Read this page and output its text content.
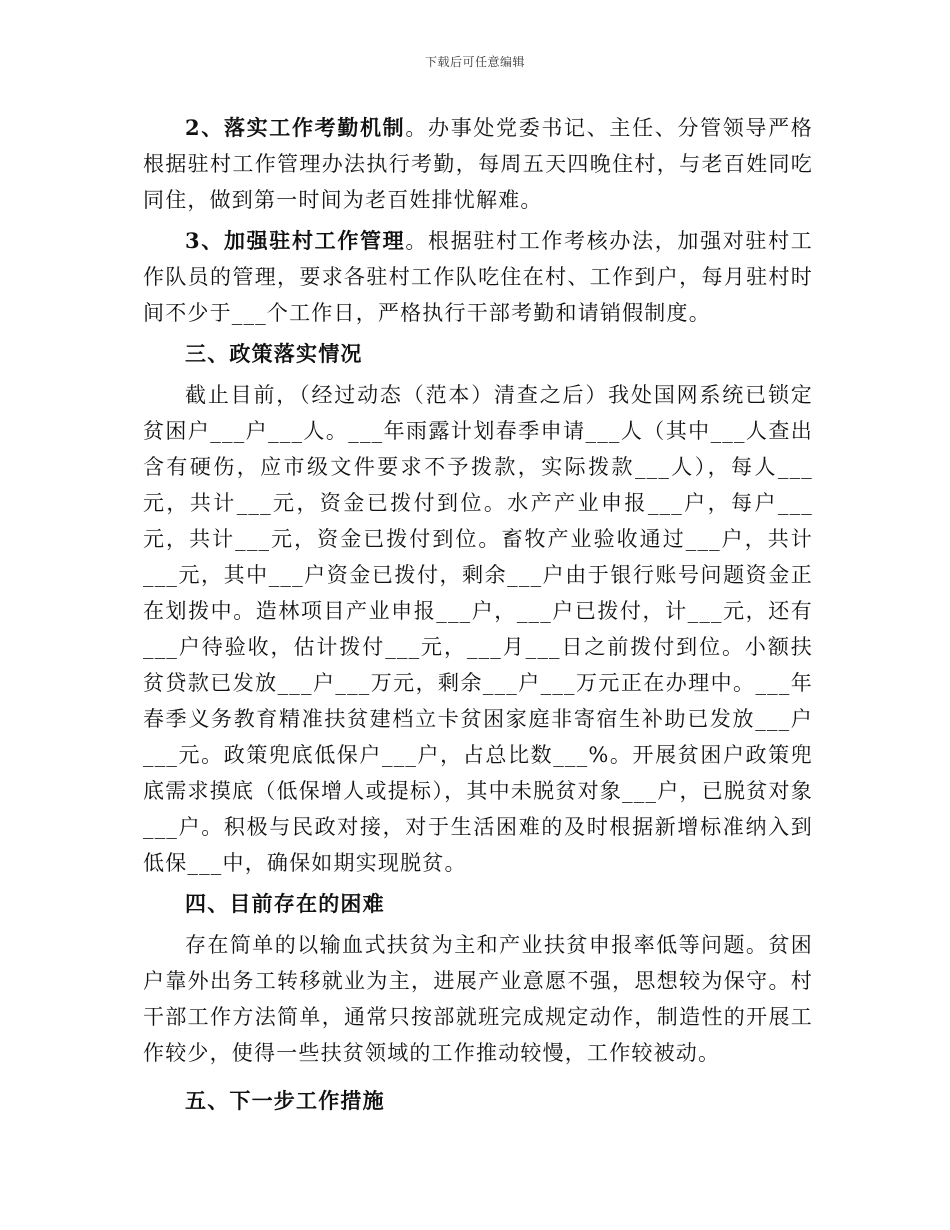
下载后可任意编辑

2、落实工作考勤机制。办事处党委书记、主任、分管领导严格根据驻村工作管理办法执行考勤，每周五天四晚住村，与老百姓同吃同住，做到第一时间为老百姓排忧解难。

3、加强驻村工作管理。根据驻村工作考核办法，加强对驻村工作队员的管理，要求各驻村工作队吃住在村、工作到户，每月驻村时间不少于___个工作日，严格执行干部考勤和请销假制度。

三、政策落实情况

截止目前，（经过动态（范本）清查之后）我处国网系统已锁定贫困户___户___人。___年雨露计划春季申请___人（其中___人查出含有硬伤，应市级文件要求不予拨款，实际拨款___人），每人___元，共计___元，资金已拨付到位。水产产业申报___户，每户___元，共计___元，资金已拨付到位。畜牧产业验收通过___户，共计___元，其中___户资金已拨付，剩余___户由于银行账号问题资金正在划拨中。造林项目产业申报___户，___户已拨付，计___元，还有___户待验收，估计拨付___元，___月___日之前拨付到位。小额扶贫贷款已发放___户___万元，剩余___户___万元正在办理中。___年春季义务教育精准扶贫建档立卡贫困家庭非寄宿生补助已发放___户___元。政策兜底低保户___户，占总比数___%。开展贫困户政策兜底需求摸底（低保增人或提标），其中未脱贫对象___户，已脱贫对象___户。积极与民政对接，对于生活困难的及时根据新增标准纳入到低保___中，确保如期实现脱贫。

四、目前存在的困难

存在简单的以输血式扶贫为主和产业扶贫申报率低等问题。贫困户靠外出务工转移就业为主，进展产业意愿不强，思想较为保守。村干部工作方法简单，通常只按部就班完成规定动作，制造性的开展工作较少，使得一些扶贫领域的工作推动较慢，工作较被动。

五、下一步工作措施
